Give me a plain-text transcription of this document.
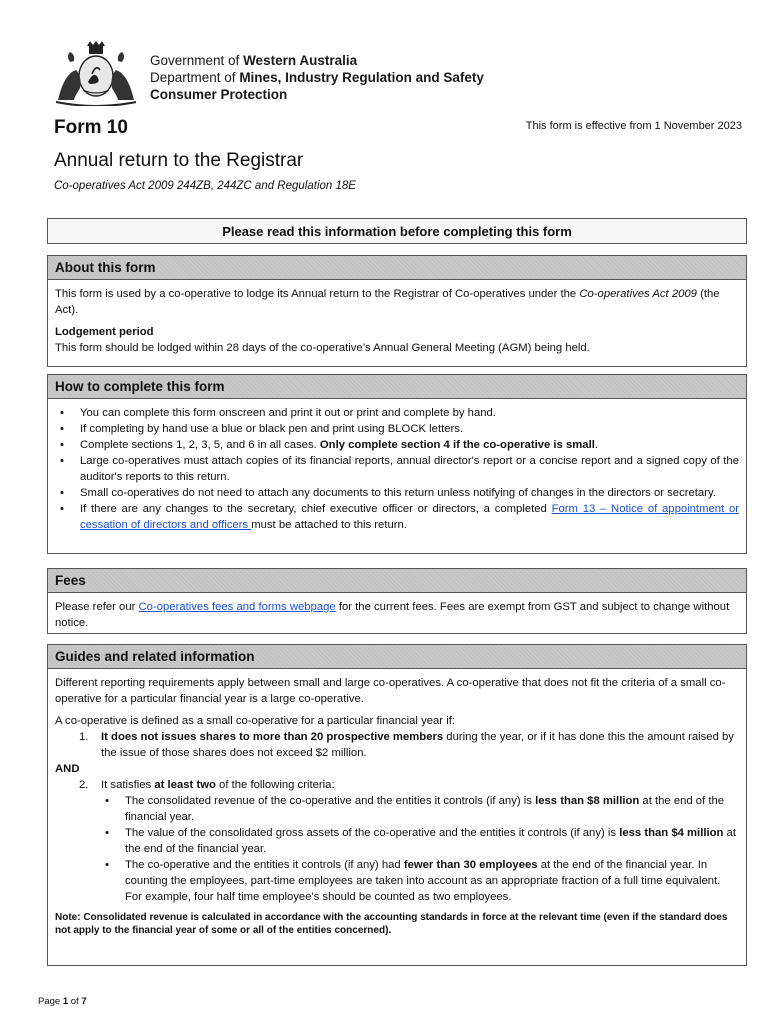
Government of Western Australia
Department of Mines, Industry Regulation and Safety
Consumer Protection
Form 10	This form is effective from 1 November 2023
Annual return to the Registrar
Co-operatives Act 2009 244ZB, 244ZC and Regulation 18E
Please read this information before completing this form
About this form

This form is used by a co-operative to lodge its Annual return to the Registrar of Co-operatives under the Co-operatives Act 2009 (the Act).

Lodgement period

This form should be lodged within 28 days of the co-operative’s Annual General Meeting (AGM) being held.

How to complete this form
• You can complete this form onscreen and print it out or print and complete by hand.
• If completing by hand use a blue or black pen and print using BLOCK letters.
• Complete sections 1, 2, 3, 5, and 6 in all cases. Only complete section 4 if the co-operative is small.
• Large co-operatives must attach copies of its financial reports, annual director's report or a concise report and a signed copy of the auditor's reports to this return.
• Small co-operatives do not need to attach any documents to this return unless notifying of changes in the directors or secretary.
• If there are any changes to the secretary, chief executive officer or directors, a completed Form 13 – Notice of appointment or cessation of directors and officers must be attached to this return.
Fees

Please refer our Co-operatives fees and forms webpage for the current fees. Fees are exempt from GST and subject to change without notice.

Guides and related information

Different reporting requirements apply between small and large co-operatives. A co-operative that does not fit the criteria of a small co-operative for a particular financial year is a large co-operative.

A co-operative is defined as a small co-operative for a particular financial year if:

1. It does not issues shares to more than 20 prospective members during the year, or if it has done this the amount raised by the issue of those shares does not exceed $2 million.
AND
2. It satisfies at least two of the following criteria:
• The consolidated revenue of the co-operative and the entities it controls (if any) is less than $8 million at the end of the financial year.
• The value of the consolidated gross assets of the co-operative and the entities it controls (if any) is less than $4 million at the end of the financial year.
• The co-operative and the entities it controls (if any) had fewer than 30 employees at the end of the financial year. In counting the employees, part-time employees are taken into account as an appropriate fraction of a full time equivalent. For example, four half time employee's should be counted as two employees.
Note: Consolidated revenue is calculated in accordance with the accounting standards in force at the relevant time (even if the standard does not apply to the financial year of some or all of the entities concerned).
Page 1 of 7
